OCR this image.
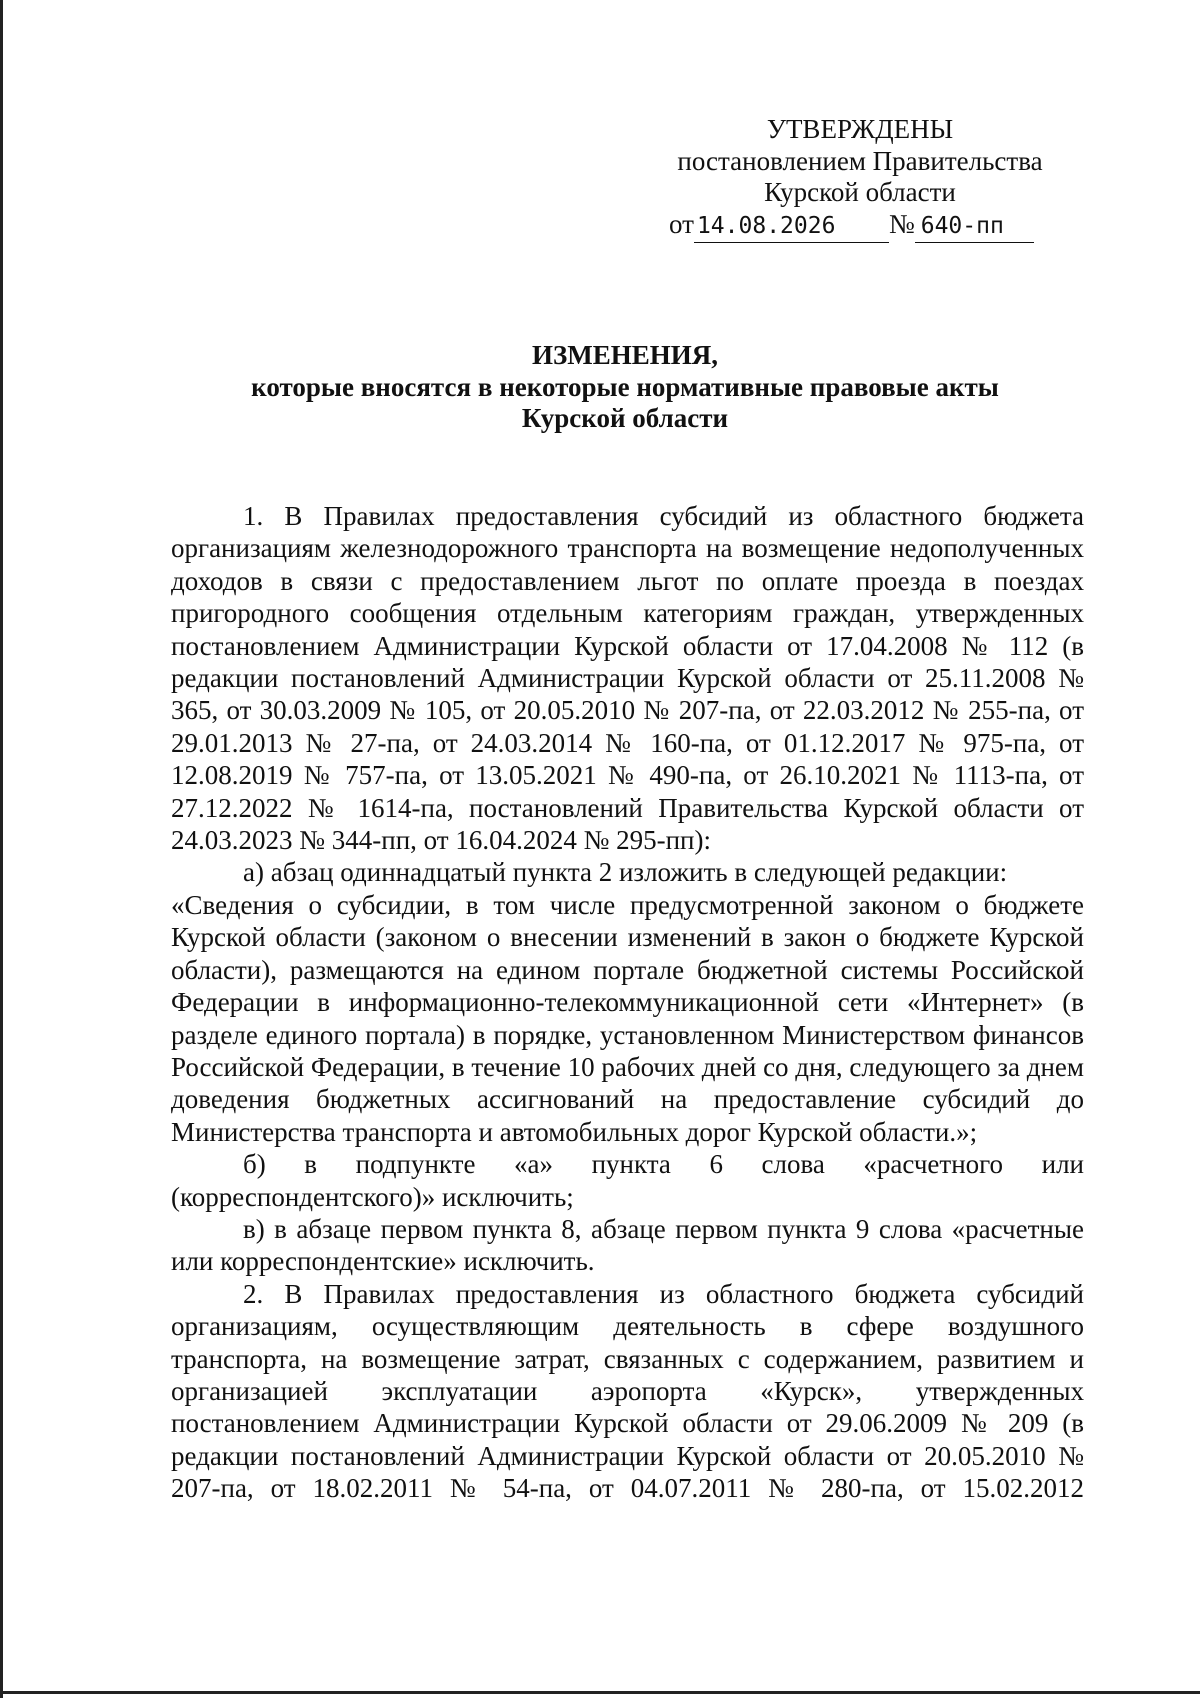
УТВЕРЖДЕНЫ
постановлением Правительства
Курской области
от 14.08.2026 № 640-пп
ИЗМЕНЕНИЯ,
которые вносятся в некоторые нормативные правовые акты
Курской области

1. В Правилах предоставления субсидий из областного бюджета организациям железнодорожного транспорта на возмещение недополученных доходов в связи с предоставлением льгот по оплате проезда в поездах пригородного сообщения отдельным категориям граждан, утвержденных постановлением Администрации Курской области от 17.04.2008 № 112 (в редакции постановлений Администрации Курской области от 25.11.2008 № 365, от 30.03.2009 № 105, от 20.05.2010 № 207-па, от 22.03.2012 № 255-па, от 29.01.2013 № 27-па, от 24.03.2014 № 160-па, от 01.12.2017 № 975-па, от 12.08.2019 № 757-па, от 13.05.2021 № 490-па, от 26.10.2021 № 1113-па, от 27.12.2022 № 1614-па, постановлений Правительства Курской области от 24.03.2023 № 344-пп, от 16.04.2024 № 295-пп):

а) абзац одиннадцатый пункта 2 изложить в следующей редакции:

«Сведения о субсидии, в том числе предусмотренной законом о бюджете Курской области (законом о внесении изменений в закон о бюджете Курской области), размещаются на едином портале бюджетной системы Российской Федерации в информационно-телекоммуникационной сети «Интернет» (в разделе единого портала) в порядке, установленном Министерством финансов Российской Федерации, в течение 10 рабочих дней со дня, следующего за днем доведения бюджетных ассигнований на предоставление субсидий до Министерства транспорта и автомобильных дорог Курской области.»;

б) в подпункте «а» пункта 6 слова «расчетного или (корреспондентского)» исключить;

в) в абзаце первом пункта 8, абзаце первом пункта 9 слова «расчетные или корреспондентские» исключить.

2. В Правилах предоставления из областного бюджета субсидий организациям, осуществляющим деятельность в сфере воздушного транспорта, на возмещение затрат, связанных с содержанием, развитием и организацией эксплуатации аэропорта «Курск», утвержденных постановлением Администрации Курской области от 29.06.2009 № 209 (в редакции постановлений Администрации Курской области от 20.05.2010 № 207-па, от 18.02.2011 № 54-па, от 04.07.2011 № 280-па, от 15.02.2012
